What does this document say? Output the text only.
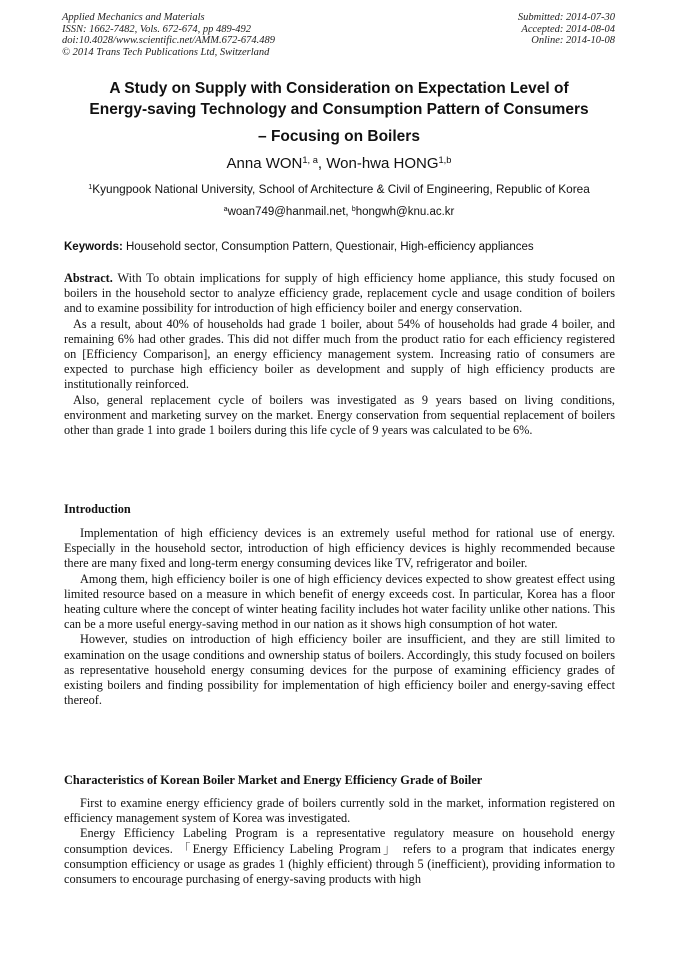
Applied Mechanics and Materials
ISSN: 1662-7482, Vols. 672-674, pp 489-492
doi:10.4028/www.scientific.net/AMM.672-674.489
© 2014 Trans Tech Publications Ltd, Switzerland
Submitted: 2014-07-30
Accepted: 2014-08-04
Online: 2014-10-08
A Study on Supply with Consideration on Expectation Level of
Energy-saving Technology and Consumption Pattern of Consumers
– Focusing on Boilers
Anna WON$^{1, a}$, Won-hwa HONG$^{1,b}$
$^1$Kyungpook National University, School of Architecture & Civil of Engineering, Republic of Korea
$^a$woan749@hanmail.net, $^b$hongwh@knu.ac.kr
Keywords: Household sector, Consumption Pattern, Questionair, High-efficiency appliances

Abstract. With To obtain implications for supply of high efficiency home appliance, this study focused on boilers in the household sector to analyze efficiency grade, replacement cycle and usage condition of boilers and to examine possibility for introduction of high efficiency boiler and energy conservation.

As a result, about 40% of households had grade 1 boiler, about 54% of households had grade 4 boiler, and remaining 6% had other grades. This did not differ much from the product ratio for each efficiency registered on [Efficiency Comparison], an energy efficiency management system. Increasing ratio of consumers are expected to purchase high efficiency boiler as development and supply of high efficiency products are institutionally reinforced.

Also, general replacement cycle of boilers was investigated as 9 years based on living conditions, environment and marketing survey on the market. Energy conservation from sequential replacement of boilers other than grade 1 into grade 1 boilers during this life cycle of 9 years was calculated to be 6%.

Introduction

Implementation of high efficiency devices is an extremely useful method for rational use of energy. Especially in the household sector, introduction of high efficiency devices is highly recommended because there are many fixed and long-term energy consuming devices like TV, refrigerator and boiler.

Among them, high efficiency boiler is one of high efficiency devices expected to show greatest effect using limited resource based on a measure in which benefit of energy exceeds cost. In particular, Korea has a floor heating culture where the concept of winter heating facility includes hot water facility unlike other nations. This can be a more useful energy-saving method in our nation as it shows high consumption of hot water.

However, studies on introduction of high efficiency boiler are insufficient, and they are still limited to examination on the usage conditions and ownership status of boilers. Accordingly, this study focused on boilers as representative household energy consuming devices for the purpose of examining efficiency grades of existing boilers and finding possibility for implementation of high efficiency boiler and energy-saving effect thereof.

Characteristics of Korean Boiler Market and Energy Efficiency Grade of Boiler

First to examine energy efficiency grade of boilers currently sold in the market, information registered on efficiency management system of Korea was investigated.

Energy Efficiency Labeling Program is a representative regulatory measure on household energy consumption devices. 「Energy Efficiency Labeling Program」 refers to a program that indicates energy consumption efficiency or usage as grades 1 (highly efficient) through 5 (inefficient), providing information to consumers to encourage purchasing of energy-saving products with high
